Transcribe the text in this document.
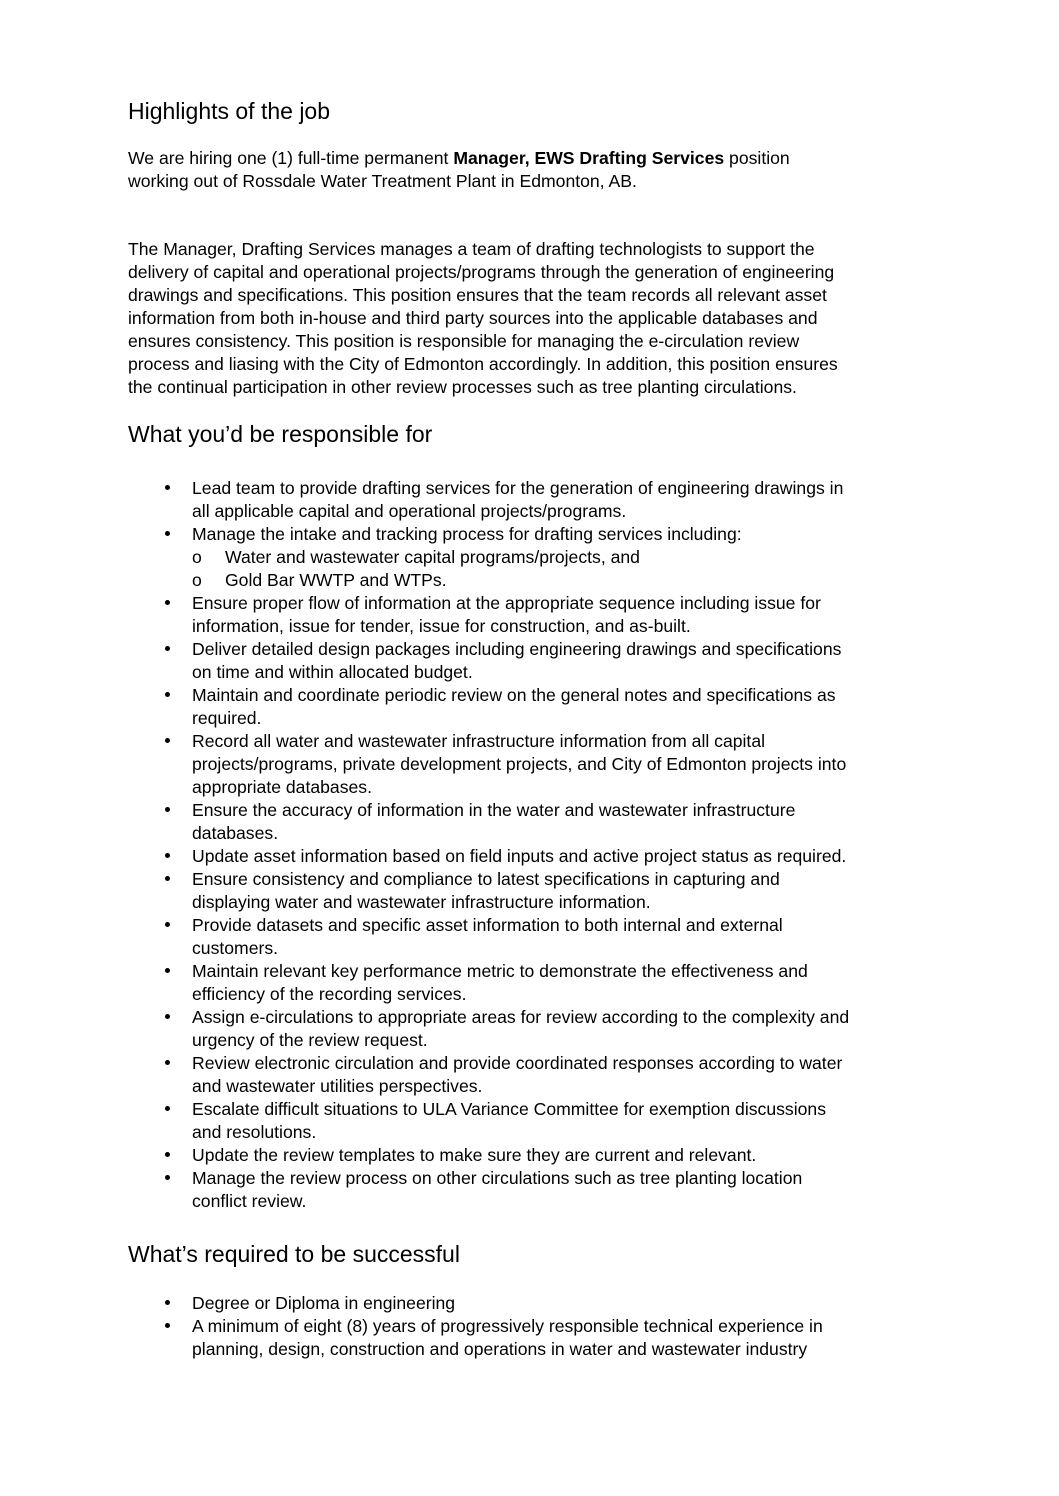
Highlights of the job

We are hiring one (1) full-time permanent Manager, EWS Drafting Services position
working out of Rossdale Water Treatment Plant in Edmonton, AB.

The Manager, Drafting Services manages a team of drafting technologists to support the
delivery of capital and operational projects/programs through the generation of engineering
drawings and specifications. This position ensures that the team records all relevant asset
information from both in-house and third party sources into the applicable databases and
ensures consistency. This position is responsible for managing the e-circulation review
process and liasing with the City of Edmonton accordingly. In addition, this position ensures
the continual participation in other review processes such as tree planting circulations.

What you’d be responsible for
Lead team to provide drafting services for the generation of engineering drawings in
all applicable capital and operational projects/programs.
Manage the intake and tracking process for drafting services including:
o Water and wastewater capital programs/projects, and
o Gold Bar WWTP and WTPs.
Ensure proper flow of information at the appropriate sequence including issue for
information, issue for tender, issue for construction, and as-built.
Deliver detailed design packages including engineering drawings and specifications
on time and within allocated budget.
Maintain and coordinate periodic review on the general notes and specifications as
required.
Record all water and wastewater infrastructure information from all capital
projects/programs, private development projects, and City of Edmonton projects into
appropriate databases.
Ensure the accuracy of information in the water and wastewater infrastructure
databases.
Update asset information based on field inputs and active project status as required.
Ensure consistency and compliance to latest specifications in capturing and
displaying water and wastewater infrastructure information.
Provide datasets and specific asset information to both internal and external
customers.
Maintain relevant key performance metric to demonstrate the effectiveness and
efficiency of the recording services.
Assign e-circulations to appropriate areas for review according to the complexity and
urgency of the review request.
Review electronic circulation and provide coordinated responses according to water
and wastewater utilities perspectives.
Escalate difficult situations to ULA Variance Committee for exemption discussions
and resolutions.
Update the review templates to make sure they are current and relevant.
Manage the review process on other circulations such as tree planting location
conflict review.
What’s required to be successful
Degree or Diploma in engineering
A minimum of eight (8) years of progressively responsible technical experience in
planning, design, construction and operations in water and wastewater industry
